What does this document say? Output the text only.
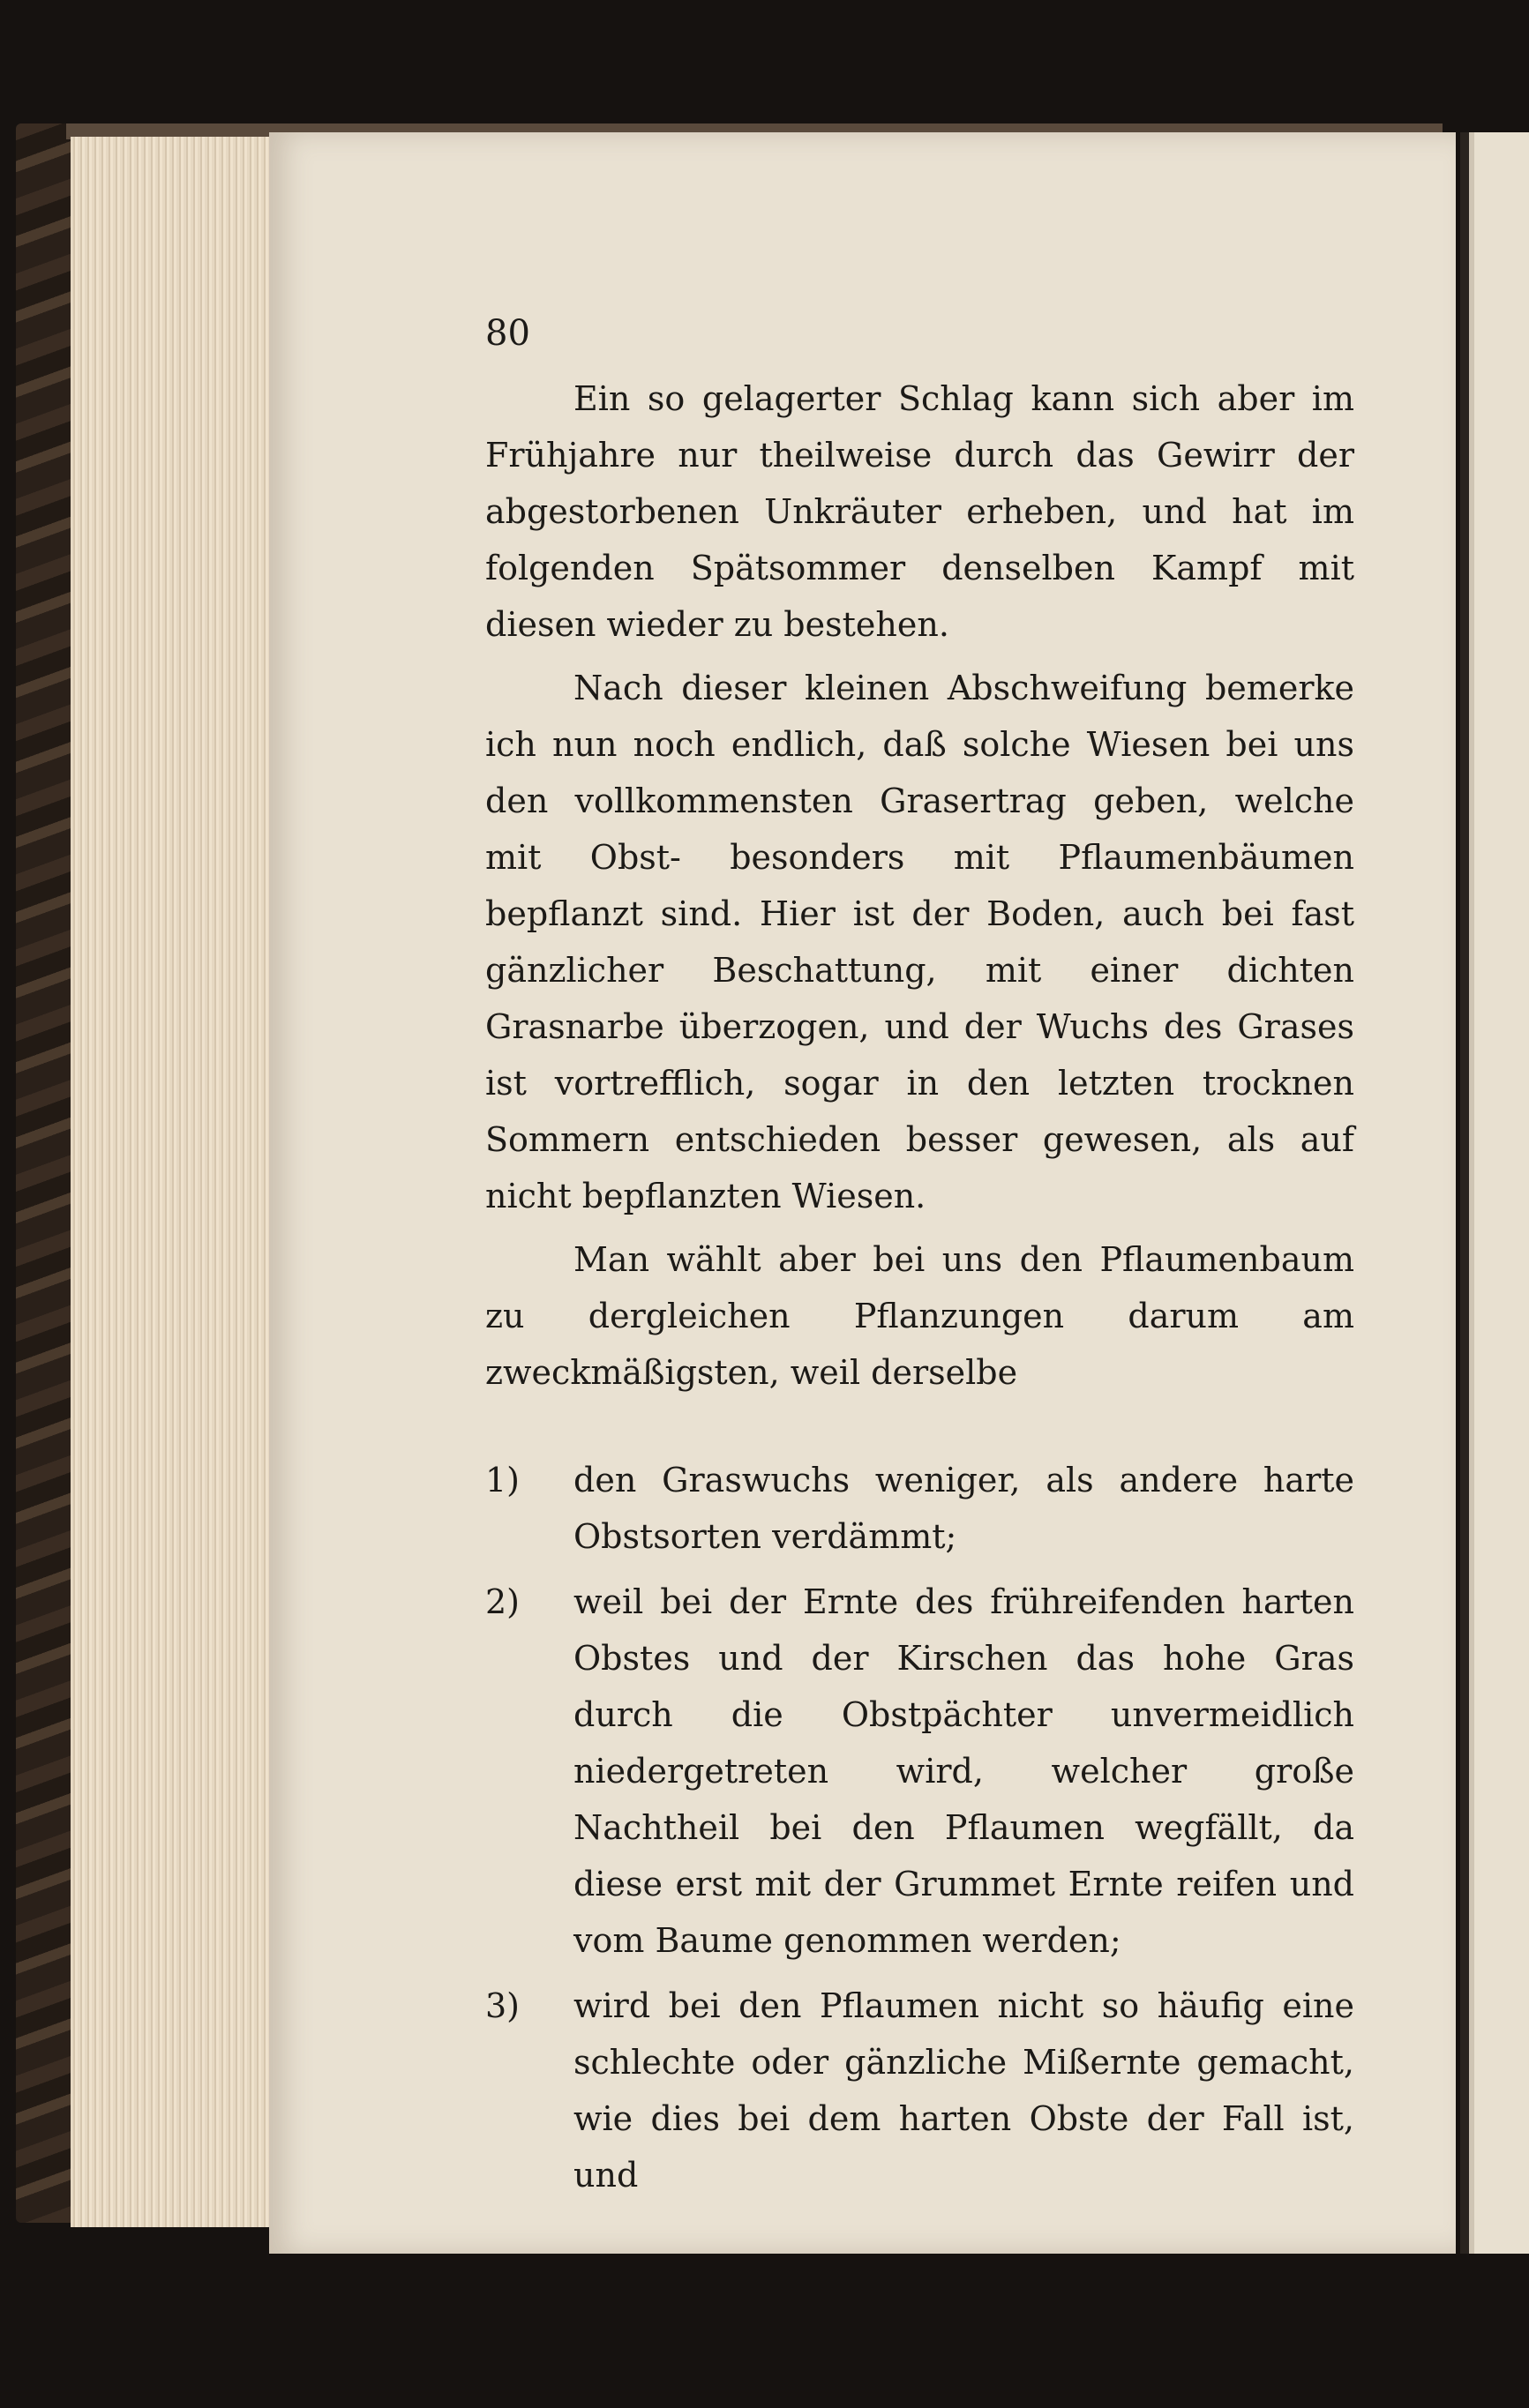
80

Ein so gelagerter Schlag kann sich aber im Frühjahre nur theilweise durch das Gewirr der abgestorbenen Unkräuter erheben, und hat im folgenden Spätsommer denselben Kampf mit diesen wieder zu bestehen.

Nach dieser kleinen Abschweifung bemerke ich nun noch endlich, daß solche Wiesen bei uns den vollkommensten Grasertrag geben, welche mit Obst- besonders mit Pflaumenbäumen bepflanzt sind. Hier ist der Boden, auch bei fast gänzlicher Beschattung, mit einer dichten Grasnarbe überzogen, und der Wuchs des Grases ist vortrefflich, sogar in den letzten trocknen Sommern entschieden besser gewesen, als auf nicht bepflanzten Wiesen.

Man wählt aber bei uns den Pflaumenbaum zu dergleichen Pflanzungen darum am zweckmäßigsten, weil derselbe

1)	den Graswuchs weniger, als andere harte Obstsorten verdämmt;
2)	weil bei der Ernte des frühreifenden harten Obstes und der Kirschen das hohe Gras durch die Obstpächter unvermeidlich niedergetreten wird, welcher große Nachtheil bei den Pflaumen wegfällt, da diese erst mit der Grummet Ernte reifen und vom Baume genommen werden;
3)	wird bei den Pflaumen nicht so häufig eine schlechte oder gänzliche Mißernte gemacht, wie dies bei dem harten Obste der Fall ist, und
